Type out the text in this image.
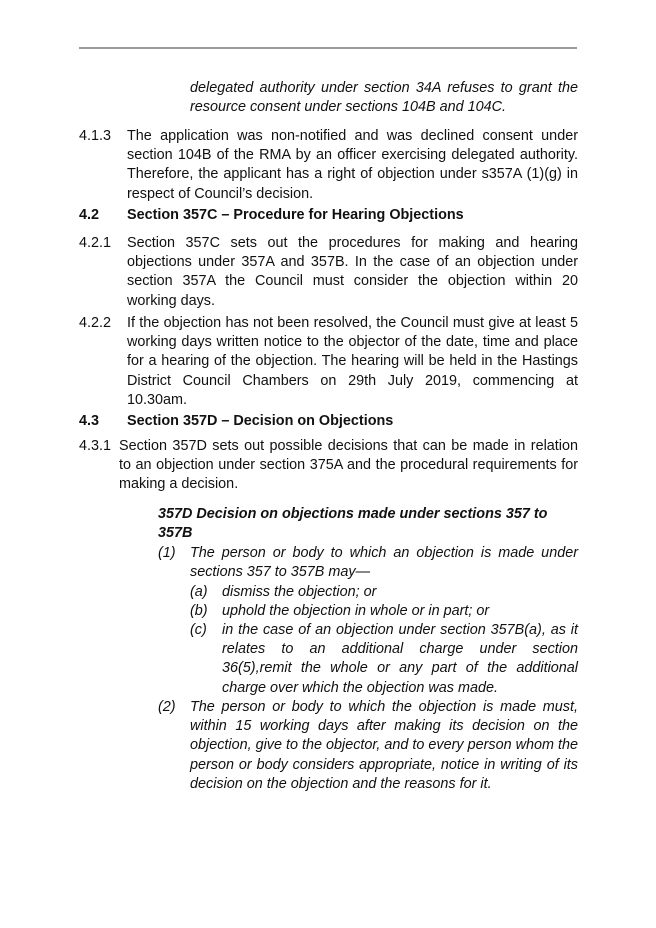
delegated authority under section 34A refuses to grant the resource consent under sections 104B and 104C.
4.1.3 The application was non-notified and was declined consent under section 104B of the RMA by an officer exercising delegated authority. Therefore, the applicant has a right of objection under s357A (1)(g) in respect of Council’s decision.
4.2 Section 357C – Procedure for Hearing Objections
4.2.1 Section 357C sets out the procedures for making and hearing objections under 357A and 357B. In the case of an objection under section 357A the Council must consider the objection within 20 working days.
4.2.2 If the objection has not been resolved, the Council must give at least 5 working days written notice to the objector of the date, time and place for a hearing of the objection. The hearing will be held in the Hastings District Council Chambers on 29th July 2019, commencing at 10.30am.
4.3 Section 357D – Decision on Objections
4.3.1 Section 357D sets out possible decisions that can be made in relation to an objection under section 375A and the procedural requirements for making a decision.
357D Decision on objections made under sections 357 to 357B
(1) The person or body to which an objection is made under sections 357 to 357B may—
(a) dismiss the objection; or
(b) uphold the objection in whole or in part; or
(c) in the case of an objection under section 357B(a), as it relates to an additional charge under section 36(5),remit the whole or any part of the additional charge over which the objection was made.
(2) The person or body to which the objection is made must, within 15 working days after making its decision on the objection, give to the objector, and to every person whom the person or body considers appropriate, notice in writing of its decision on the objection and the reasons for it.
